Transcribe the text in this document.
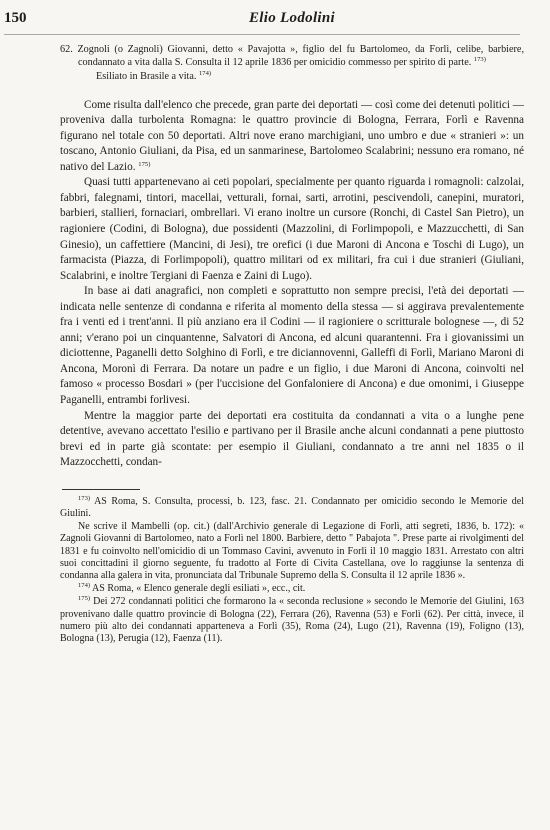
150	Elio Lodolini
62. Zognoli (o Zagnoli) Giovanni, detto « Pavajotta », figlio del fu Bartolomeo, da Forlì, celibe, barbiere, condannato a vita dalla S. Consulta il 12 aprile 1836 per omicidio commesso per spirito di parte. $^{173)}$
Esiliato in Brasile a vita. $^{174)}$

Come risulta dall'elenco che precede, gran parte dei deportati — così come dei detenuti politici — proveniva dalla turbolenta Romagna: le quattro provincie di Bologna, Ferrara, Forlì e Ravenna figurano nel totale con 50 deportati. Altri nove erano marchigiani, uno umbro e due « stranieri »: un toscano, Antonio Giuliani, da Pisa, ed un sanmarinese, Bartolomeo Scalabrini; nessuno era romano, né nativo del Lazio. $^{175)}$

Quasi tutti appartenevano ai ceti popolari, specialmente per quanto riguarda i romagnoli: calzolai, fabbri, falegnami, tintori, macellai, vetturali, fornai, sarti, arrotini, pescivendoli, canepini, muratori, barbieri, stallieri, fornaciari, ombrellari. Vi erano inoltre un cursore (Ronchi, di Castel San Pietro), un ragioniere (Codini, di Bologna), due possidenti (Mazzolini, di Forlimpopoli, e Mazzucchetti, di San Ginesio), un caffettiere (Mancini, di Jesi), tre orefici (i due Maroni di Ancona e Toschi di Lugo), un farmacista (Piazza, di Forlimpopoli), quattro militari od ex militari, fra cui i due stranieri (Giuliani, Scalabrini, e inoltre Tergiani di Faenza e Zaini di Lugo).

In base ai dati anagrafici, non completi e soprattutto non sempre precisi, l'età dei deportati — indicata nelle sentenze di condanna e riferita al momento della stessa — si aggirava prevalentemente fra i venti ed i trent'anni. Il più anziano era il Codini — il ragioniere o scritturale bolognese —, di 52 anni; v'erano poi un cinquantenne, Salvatori di Ancona, ed alcuni quarantenni. Fra i giovanissimi un diciottenne, Paganelli detto Solghino di Forlì, e tre diciannovenni, Galleffi di Forlì, Mariano Maroni di Ancona, Moronì di Ferrara. Da notare un padre e un figlio, i due Maroni di Ancona, coinvolti nel famoso « processo Bosdari » (per l'uccisione del Gonfaloniere di Ancona) e due omonimi, i Giuseppe Paganelli, entrambi forlivesi.

Mentre la maggior parte dei deportati era costituita da condannati a vita o a lunghe pene detentive, avevano accettato l'esilio e partivano per il Brasile anche alcuni condannati a pene piuttosto brevi ed in parte già scontate: per esempio il Giuliani, condannato a tre anni nel 1835 o il Mazzocchetti, condan-

$^{173)}$ AS Roma, S. Consulta, processi, b. 123, fasc. 21. Condannato per omicidio secondo le Memorie del Giulini.

Ne scrive il Mambelli (op. cit.) (dall'Archivio generale di Legazione di Forlì, atti segreti, 1836, b. 172): « Zagnoli Giovanni di Bartolomeo, nato a Forlì nel 1800. Barbiere, detto " Pabajota ". Prese parte ai rivolgimenti del 1831 e fu coinvolto nell'omicidio di un Tommaso Cavini, avvenuto in Forlì il 10 maggio 1831. Arrestato con altri suoi concittadini il giorno seguente, fu tradotto al Forte di Civita Castellana, ove lo raggiunse la sentenza di condanna alla galera in vita, pronunciata dal Tribunale Supremo della S. Consulta il 12 aprile 1836 ».

$^{174)}$ AS Roma, « Elenco generale degli esiliati », ecc., cit.

$^{175)}$ Dei 272 condannati politici che formarono la « seconda reclusione » secondo le Memorie del Giulini, 163 provenivano dalle quattro provincie di Bologna (22), Ferrara (26), Ravenna (53) e Forlì (62). Per città, invece, il numero più alto dei condannati apparteneva a Forlì (35), Roma (24), Lugo (21), Ravenna (19), Foligno (13), Bologna (13), Perugia (12), Faenza (11).
